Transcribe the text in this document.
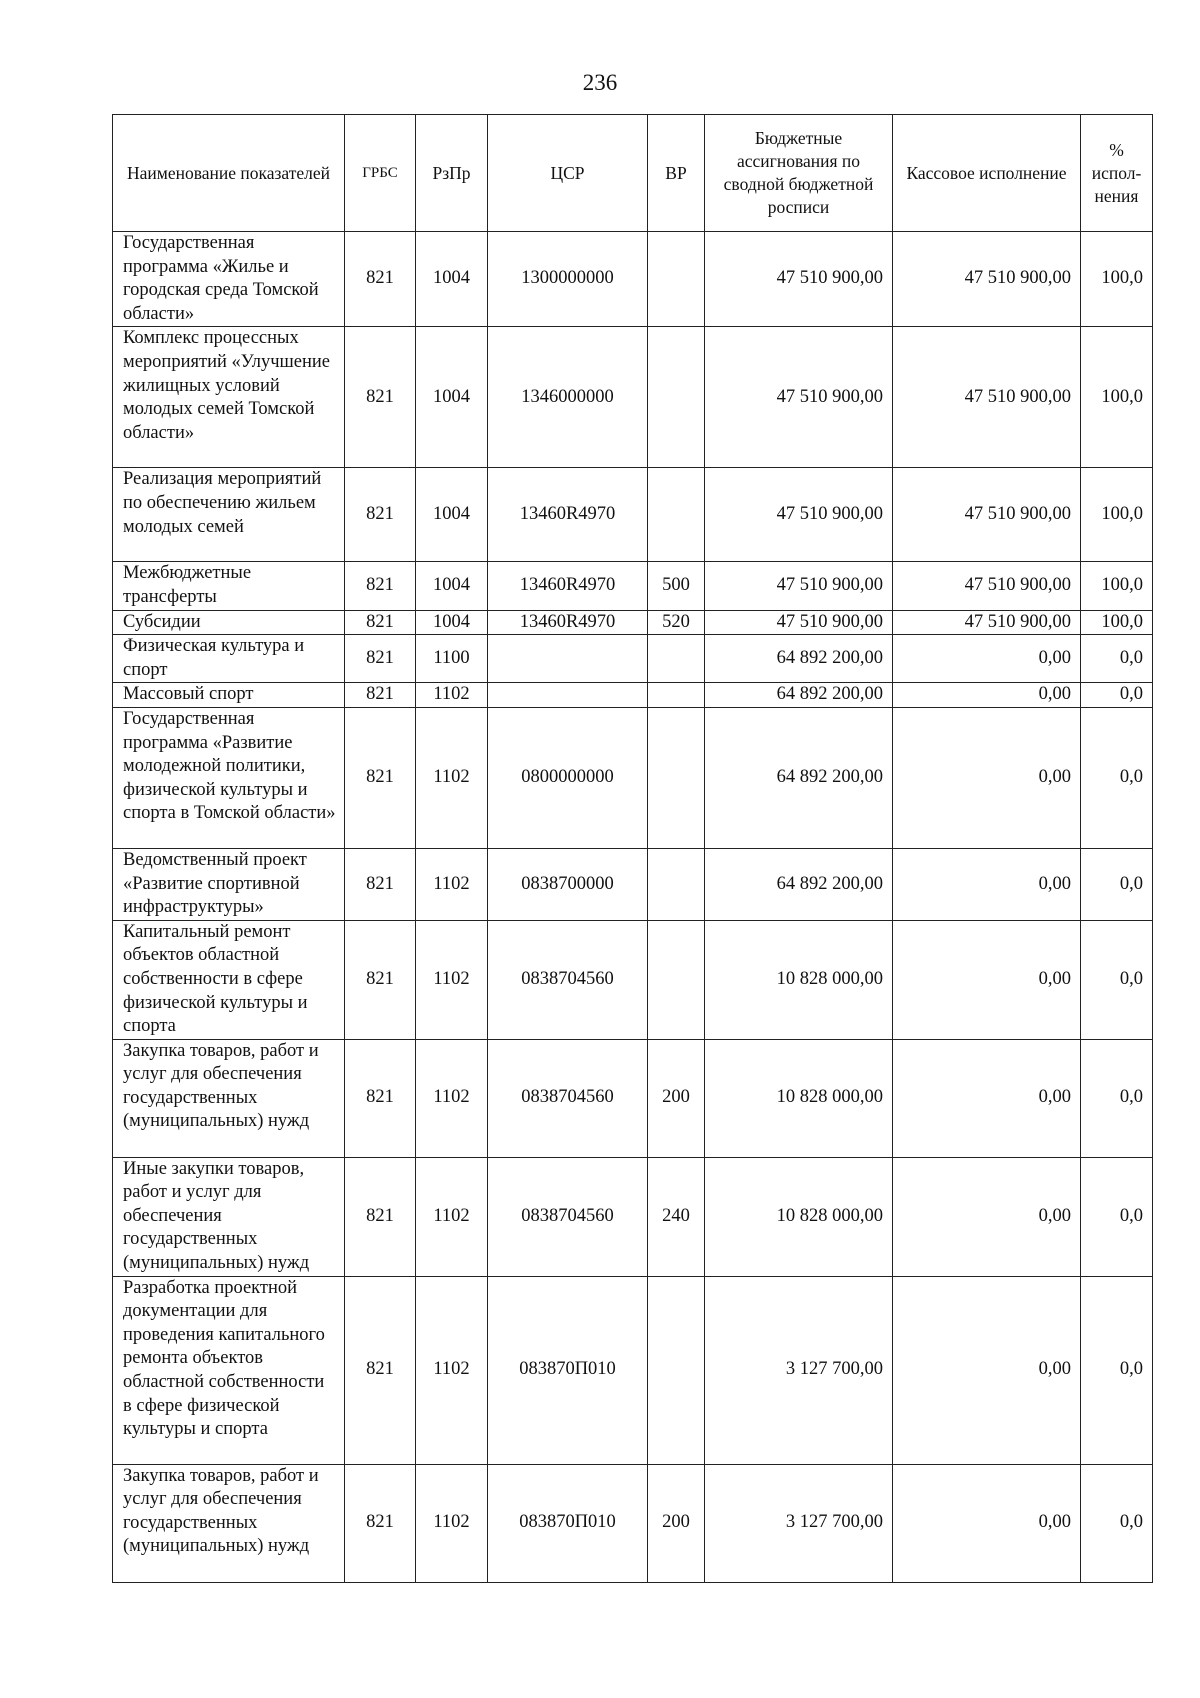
236
Наименование показателей	ГРБС	РзПр	ЦСР	ВР	Бюджетные ассигнования по сводной бюджетной росписи	Кассовое исполнение	% испол-нения
Государственная программа «Жилье и городская среда Томской области»	821	1004	1300000000		47 510 900,00	47 510 900,00	100,0
Комплекс процессных мероприятий «Улучшение жилищных условий молодых семей Томской области»	821	1004	1346000000		47 510 900,00	47 510 900,00	100,0
Реализация мероприятий по обеспечению жильем молодых семей	821	1004	13460R4970		47 510 900,00	47 510 900,00	100,0
Межбюджетные трансферты	821	1004	13460R4970	500	47 510 900,00	47 510 900,00	100,0
Субсидии	821	1004	13460R4970	520	47 510 900,00	47 510 900,00	100,0
Физическая культура и спорт	821	1100			64 892 200,00	0,00	0,0
Массовый спорт	821	1102			64 892 200,00	0,00	0,0
Государственная программа «Развитие молодежной политики, физической культуры и спорта в Томской области»	821	1102	0800000000		64 892 200,00	0,00	0,0
Ведомственный проект «Развитие спортивной инфраструктуры»	821	1102	0838700000		64 892 200,00	0,00	0,0
Капитальный ремонт объектов областной собственности в сфере физической культуры и спорта	821	1102	0838704560		10 828 000,00	0,00	0,0
Закупка товаров, работ и услуг для обеспечения государственных (муниципальных) нужд	821	1102	0838704560	200	10 828 000,00	0,00	0,0
Иные закупки товаров, работ и услуг для обеспечения государственных (муниципальных) нужд	821	1102	0838704560	240	10 828 000,00	0,00	0,0
Разработка проектной документации для проведения капитального ремонта объектов областной собственности в сфере физической культуры и спорта	821	1102	083870П010		3 127 700,00	0,00	0,0
Закупка товаров, работ и услуг для обеспечения государственных (муниципальных) нужд	821	1102	083870П010	200	3 127 700,00	0,00	0,0
